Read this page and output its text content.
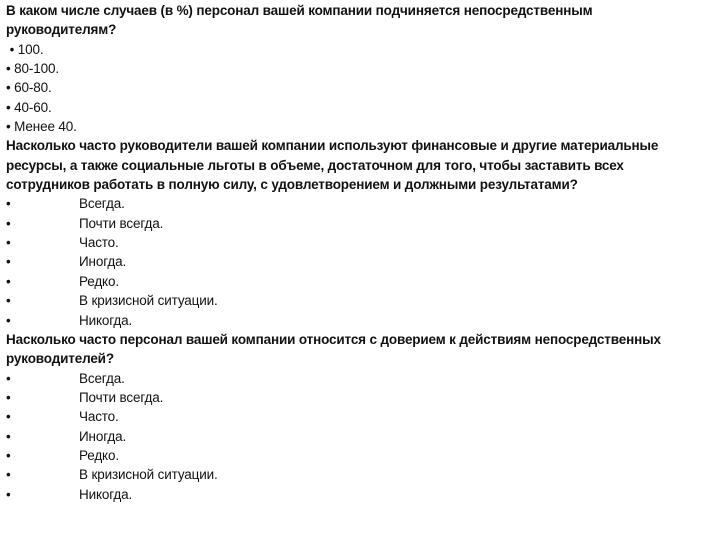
В каком числе случаев (в %) персонал вашей компании подчиняется непосредственным руководителям?

• 100.

• 80-100.

• 60-80.

• 40-60.

• Менее 40.

Насколько часто руководители вашей компании используют финансовые и другие материальные ресурсы, а также социальные льготы в объеме, достаточном для того, чтобы заставить всех сотрудников работать в полную силу, с удовлетворением и должными результатами?

•	Всегда.
•	Почти всегда.
•	Часто.
•	Иногда.
•	Редко.
•	В кризисной ситуации.
•	Никогда.

Насколько часто персонал вашей компании относится с доверием к действиям непосредственных руководителей?

•	Всегда.
•	Почти всегда.
•	Часто.
•	Иногда.
•	Редко.
•	В кризисной ситуации.
•	Никогда.
